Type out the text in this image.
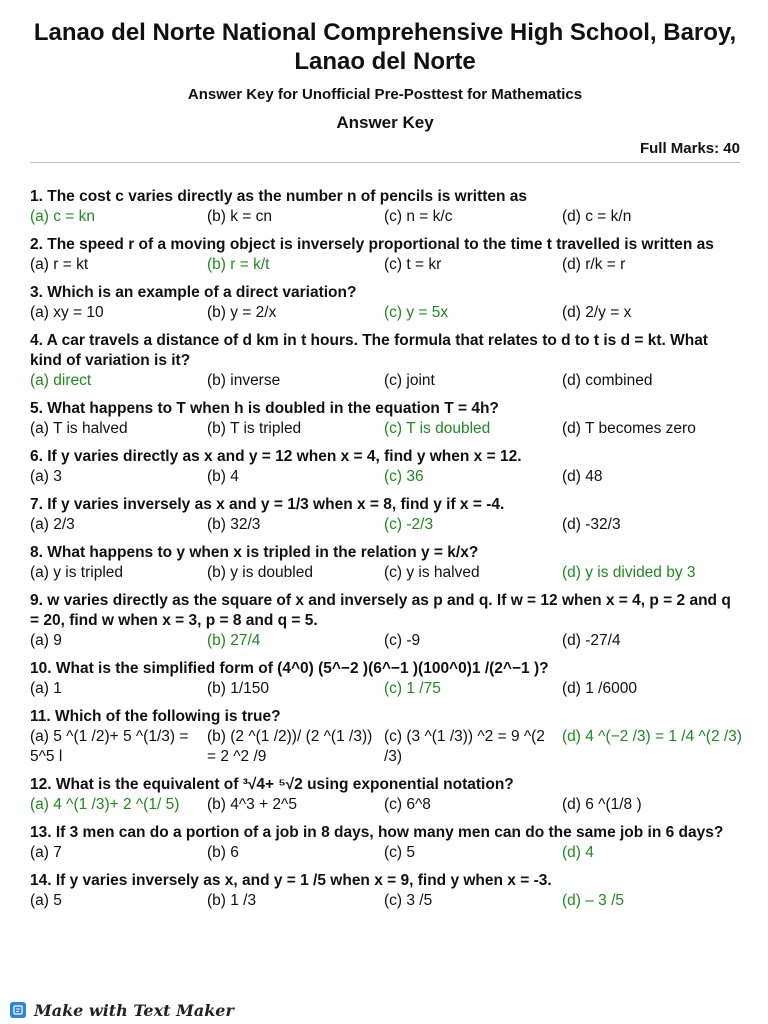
Lanao del Norte National Comprehensive High School, Baroy, Lanao del Norte
Answer Key for Unofficial Pre-Posttest for Mathematics
Answer Key
Full Marks: 40
1. The cost c varies directly as the number n of pencils is written as
(a) c = kn	(b) k = cn	(c) n = k/c	(d) c = k/n
2. The speed r of a moving object is inversely proportional to the time t travelled is written as
(a) r = kt	(b) r = k/t	(c) t = kr	(d) r/k = r
3. Which is an example of a direct variation?
(a) xy = 10	(b) y = 2/x	(c) y = 5x	(d) 2/y = x
4. A car travels a distance of d km in t hours. The formula that relates to d to t is d = kt. What kind of variation is it?
(a) direct	(b) inverse	(c) joint	(d) combined
5. What happens to T when h is doubled in the equation T = 4h?
(a) T is halved	(b) T is tripled	(c) T is doubled	(d) T becomes zero
6. If y varies directly as x and y = 12 when x = 4, find y when x = 12.
(a) 3	(b) 4	(c) 36	(d) 48
7. If y varies inversely as x and y = 1/3 when x = 8, find y if x = -4.
(a) 2/3	(b) 32/3	(c) -2/3	(d) -32/3
8. What happens to y when x is tripled in the relation y = k/x?
(a) y is tripled	(b) y is doubled	(c) y is halved	(d) y is divided by 3
9. w varies directly as the square of x and inversely as p and q. If w = 12 when x = 4, p = 2 and q = 20, find w when x = 3, p = 8 and q = 5.
(a) 9	(b) 27/4	(c) -9	(d) -27/4
10. What is the simplified form of (4^0) (5^−2 )(6^−1 )(100^0)1 /(2^−1 )?
(a) 1	(b) 1/150	(c) 1 /75	(d) 1 /6000
11. Which of the following is true?
(a) 5 ^(1 /2)+ 5 ^(1/3) = 5^5 l
(b) (2 ^(1 /2))/ (2 ^(1 /3)) = 2 ^2 /9
(c) (3 ^(1 /3)) ^2 = 9 ^(2 /3)
(d) 4 ^(−2 /3) = 1 /4 ^(2 /3)
12. What is the equivalent of ³√4+ ⁵√2 using exponential notation?
(a) 4 ^(1 /3)+ 2 ^(1/ 5)	(b) 4^3 + 2^5	(c) 6^8	(d) 6 ^(1/8 )
13. If 3 men can do a portion of a job in 8 days, how many men can do the same job in 6 days?
(a) 7	(b) 6	(c) 5	(d) 4
14. If y varies inversely as x, and y = 1 /5 when x = 9, find y when x = -3.
(a) 5	(b) 1 /3	(c) 3 /5	(d) – 3 /5
Make with Text Maker
